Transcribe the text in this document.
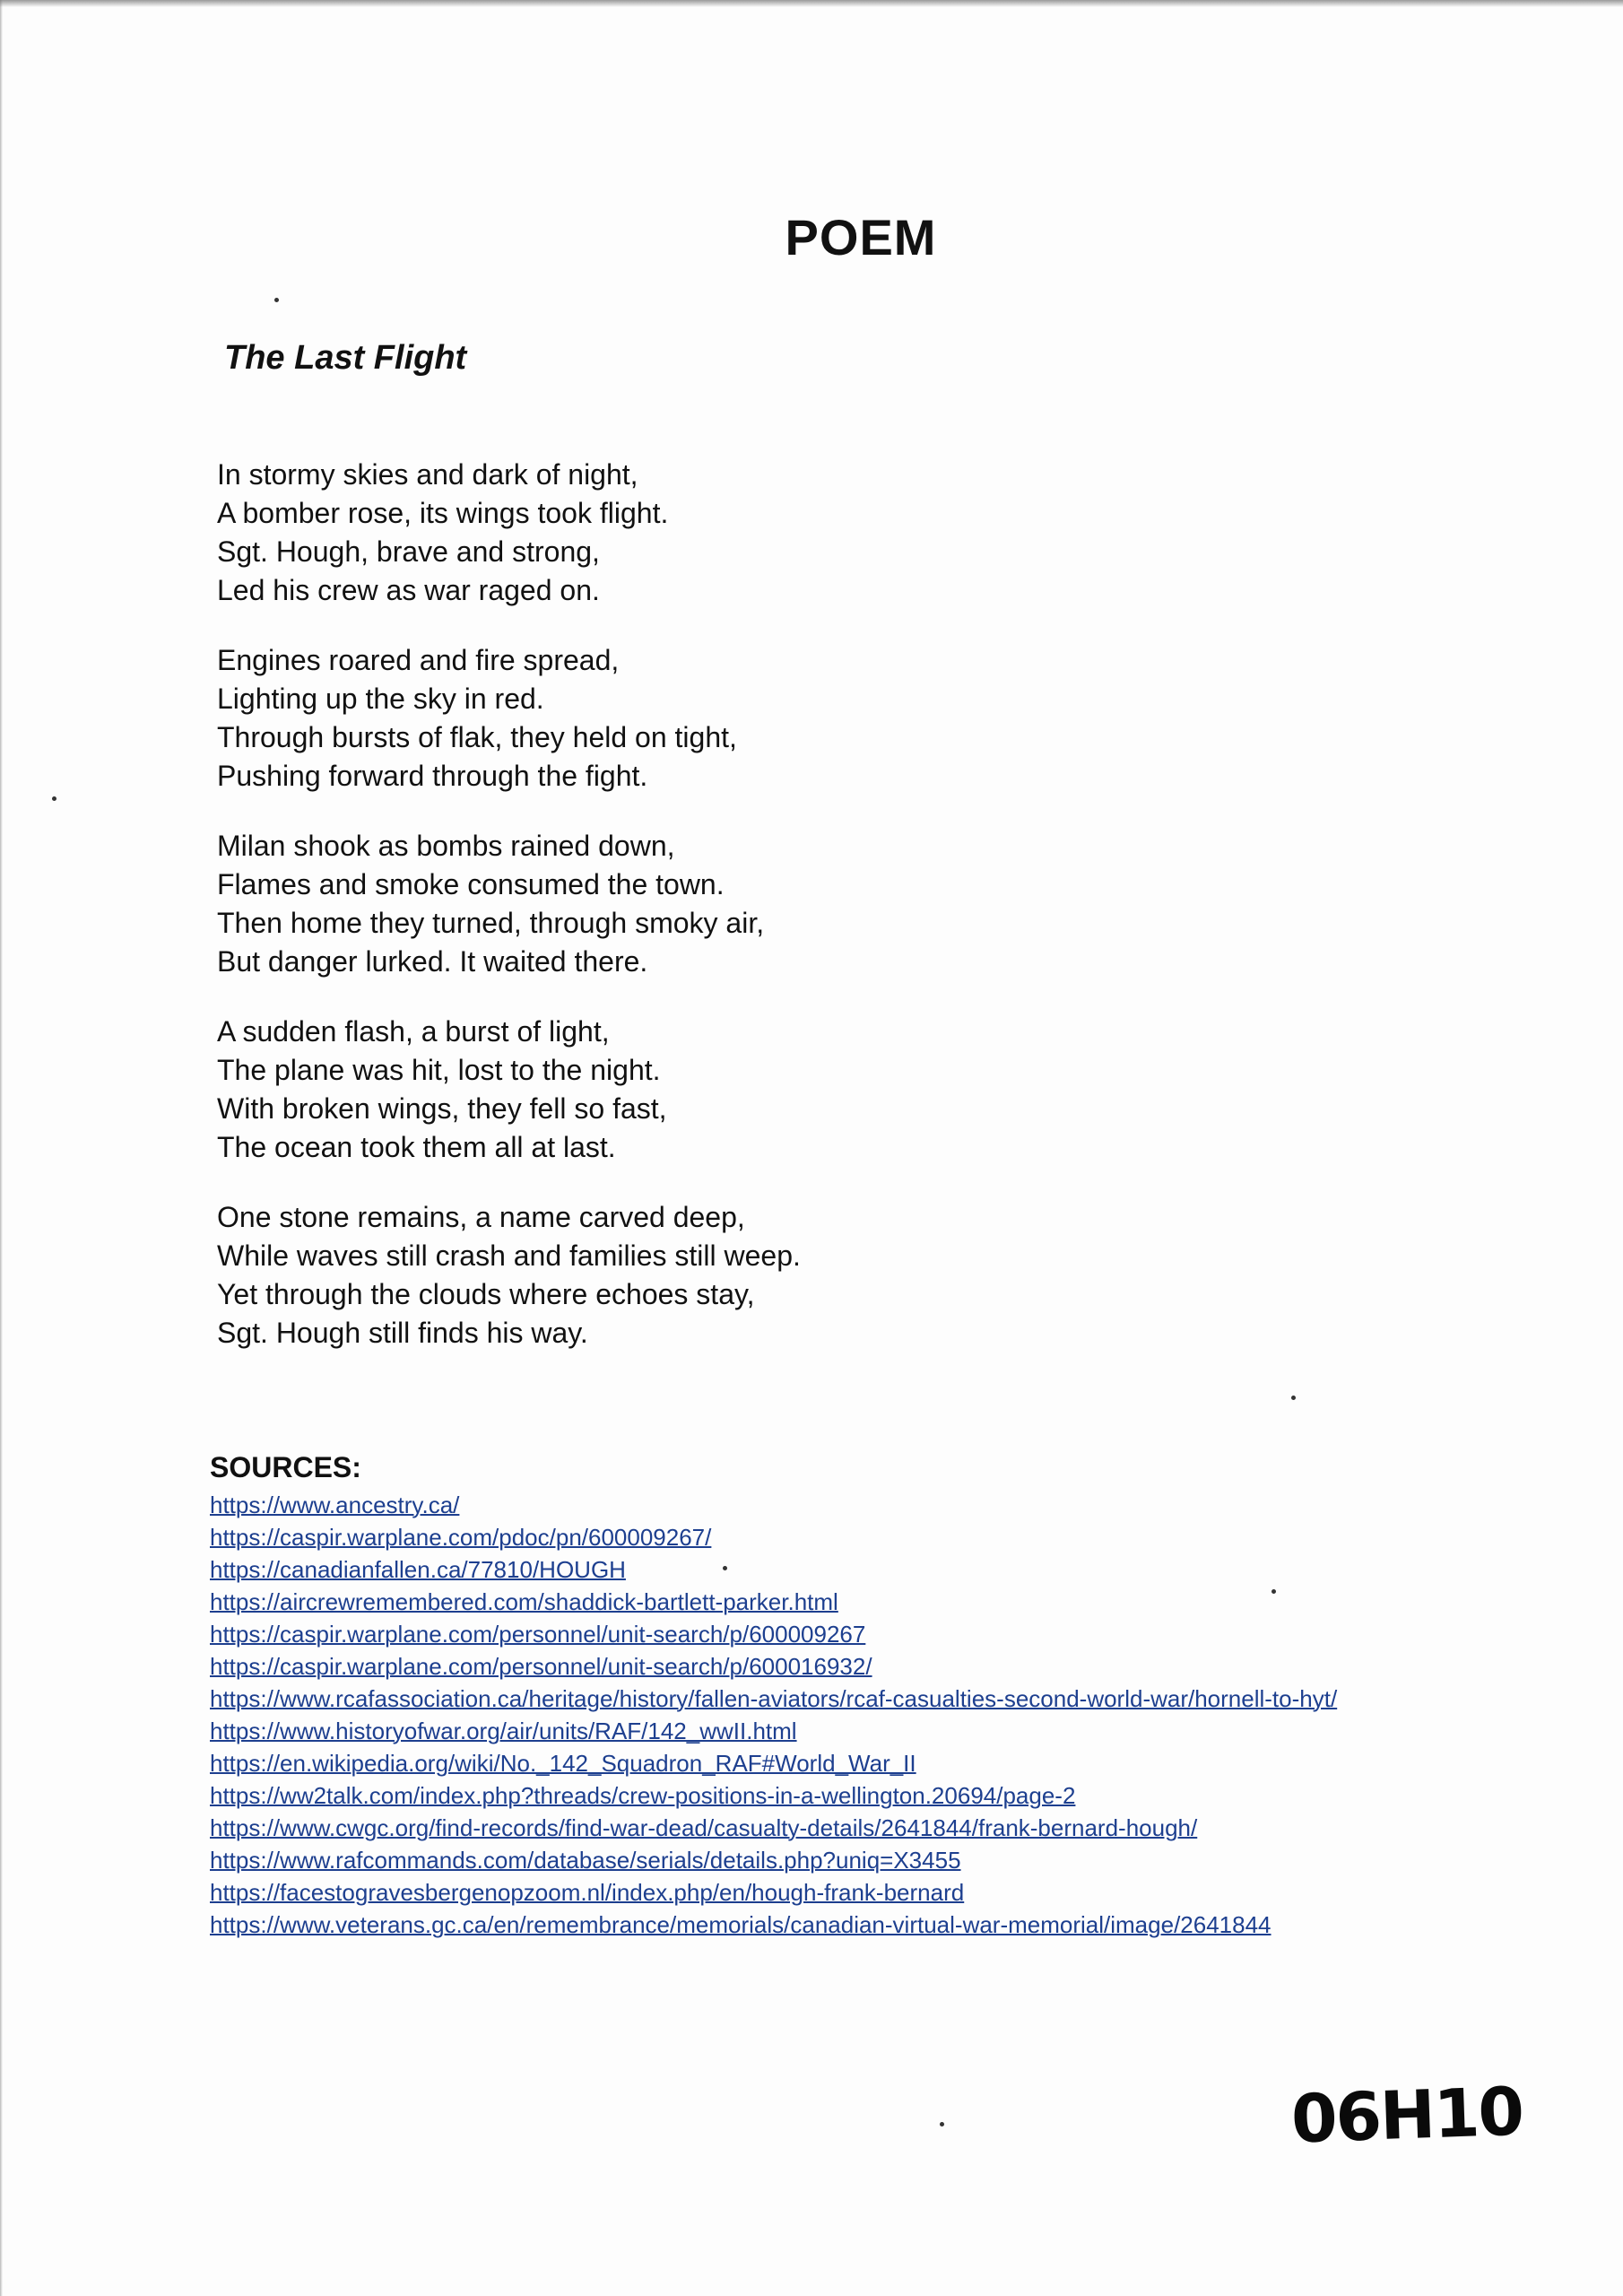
POEM
The Last Flight

In stormy skies and dark of night,
A bomber rose, its wings took flight.
Sgt. Hough, brave and strong,
Led his crew as war raged on.

Engines roared and fire spread,
Lighting up the sky in red.
Through bursts of flak, they held on tight,
Pushing forward through the fight.

Milan shook as bombs rained down,
Flames and smoke consumed the town.
Then home they turned, through smoky air,
But danger lurked. It waited there.

A sudden flash, a burst of light,
The plane was hit, lost to the night.
With broken wings, they fell so fast,
The ocean took them all at last.

One stone remains, a name carved deep,
While waves still crash and families still weep.
Yet through the clouds where echoes stay,
Sgt. Hough still finds his way.

SOURCES:
https://www.ancestry.ca/
https://caspir.warplane.com/pdoc/pn/600009267/
https://canadianfallen.ca/77810/HOUGH
https://aircrewremembered.com/shaddick-bartlett-parker.html
https://caspir.warplane.com/personnel/unit-search/p/600009267
https://caspir.warplane.com/personnel/unit-search/p/600016932/
https://www.rcafassociation.ca/heritage/history/fallen-aviators/rcaf-casualties-second-world-war/hornell-to-hyt/
https://www.historyofwar.org/air/units/RAF/142_wwII.html
https://en.wikipedia.org/wiki/No._142_Squadron_RAF#World_War_II
https://ww2talk.com/index.php?threads/crew-positions-in-a-wellington.20694/page-2
https://www.cwgc.org/find-records/find-war-dead/casualty-details/2641844/frank-bernard-hough/
https://www.rafcommands.com/database/serials/details.php?uniq=X3455
https://facestogravesbergenopzoom.nl/index.php/en/hough-frank-bernard
https://www.veterans.gc.ca/en/remembrance/memorials/canadian-virtual-war-memorial/image/2641844
06H10
